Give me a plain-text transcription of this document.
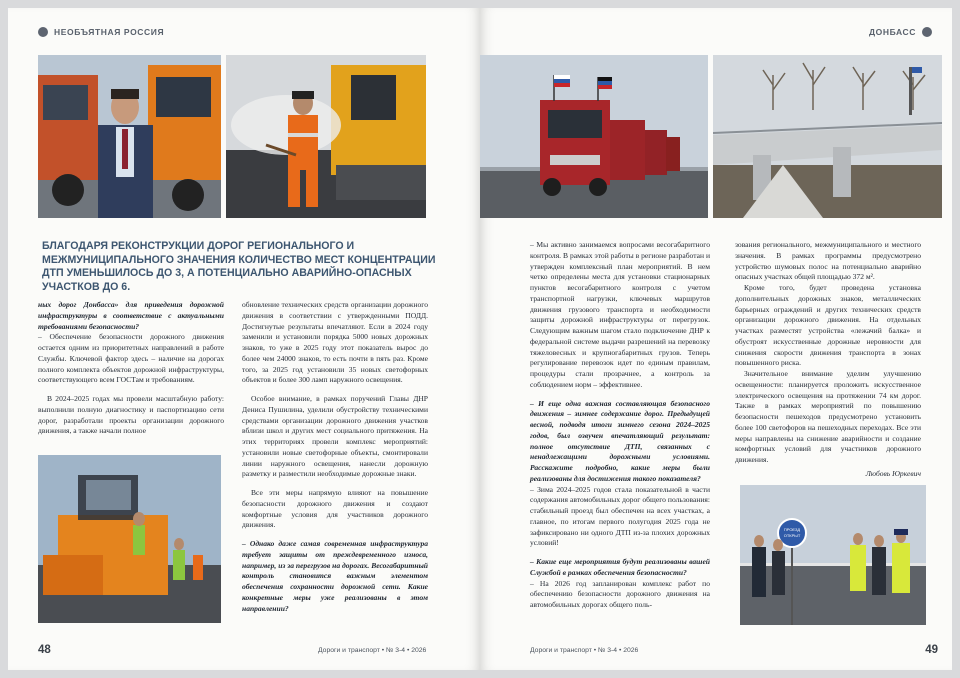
НЕОБЪЯТНАЯ РОССИЯ
БЛАГОДАРЯ РЕКОНСТРУКЦИИ ДОРОГ РЕГИОНАЛЬНОГО И МЕЖМУНИЦИПАЛЬНОГО ЗНАЧЕНИЯ КОЛИЧЕСТВО МЕСТ КОНЦЕНТРАЦИИ ДТП УМЕНЬШИЛОСЬ ДО 3, А ПОТЕНЦИАЛЬНО АВАРИЙНО-ОПАСНЫХ УЧАСТКОВ ДО 6.

ных дорог Донбасса» для приведения дорожной инфраструктуры в соответствие с актуальными требованиями безопасности?

– Обеспечение безопасности дорожного движения остается одним из приоритетных направлений в работе Службы. Ключевой фактор здесь – наличие на дорогах полного комплекта объектов дорожной инфраструктуры, соответствующего всем ГОСТам и требованиям.

В 2024–2025 годах мы провели масштабную работу: выполнили полную диагностику и паспортизацию сети дорог, разработали проекты организации дорожного движения, а также начали полное

обновление технических средств организации дорожного движения в соответствии с утвержденными ПОДД. Достигнутые результаты впечатляют. Если в 2024 году заменили и установили порядка 5000 новых дорожных знаков, то уже в 2025 году этот показатель вырос до более чем 24000 знаков, то есть почти в пять раз. Кроме того, за 2025 год установили 35 новых светофорных объектов и более 300 ламп наружного освещения.

Особое внимание, в рамках поручений Главы ДНР Дениса Пушилина, уделили обустройству техническими средствами организации дорожного движения участков вблизи школ и других мест социального притяжения. На этих территориях провели комплекс мероприятий: установили новые светофорные объекты, смонтировали линии наружного освещения, нанесли дорожную разметку и разместили необходимые дорожные знаки.

Все эти меры напрямую влияют на повышение безопасности дорожного движения и создают комфортные условия для участников дорожного движения.

– Однако даже самая современная инфраструктура требует защиты от преждевременного износа, например, из за перегрузов на дорогах. Весогабаритный контроль становится важным элементом обеспечения сохранности дорожной сети. Какие конкретные меры уже реализованы в этом направлении?

48	Дороги и транспорт • № 3-4 • 2026
ДОНБАСС

– Мы активно занимаемся вопросами весогабаритного контроля. В рамках этой работы в регионе разработан и утвержден комплексный план мероприятий. В нем четко определены места для установки стационарных пунктов весогабаритного контроля с учетом транспортной нагрузки, ключевых маршрутов движения грузового транспорта и необходимости защиты дорожной инфраструктуры от перегрузок. Следующим важным шагом стало подключение ДНР к федеральной системе выдачи разрешений на перевозку тяжеловесных и крупногабаритных грузов. Теперь регулирование перевозок идет по единым правилам, процедуры стали прозрачнее, а контроль за соблюдением норм – эффективнее.

– И еще одна важная составляющая безопасного движения – зимнее содержание дорог. Предыдущей весной, подводя итоги зимнего сезона 2024–2025 годов, был озвучен впечатляющий результат: полное отсутствие ДТП, связанных с ненадлежащими дорожными условиями. Расскажите подробно, какие меры были реализованы для достижения такого показателя?

– Зима 2024–2025 годов стала показательной в части содержания автомобильных дорог общего пользования: стабильный проезд был обеспечен на всех участках, а главное, по итогам первого полугодия 2025 года не зафиксировано ни одного ДТП из-за плохих дорожных условий!

– Какие еще мероприятия будут реализованы вашей Службой в рамках обеспечения безопасности?

– На 2026 год запланирован комплекс работ по обеспечению безопасности дорожного движения на автомобильных дорогах общего поль-

зования регионального, межмуниципального и местного значения. В рамках программы предусмотрено устройство шумовых полос на потенциально аварийно опасных участках общей площадью 372 м².

Кроме того, будет проведена установка дополнительных дорожных знаков, металлических барьерных ограждений и других технических средств организации дорожного движения. На отдельных участках разместят устройства «лежачий балка» и обустроят искусственные дорожные неровности для снижения скорости движения транспорта в зонах повышенного риска.

Значительное внимание уделим улучшению освещенности: планируется проложить искусственное электрического освещения на протяжении 74 км дорог. Также в рамках мероприятий по повышению безопасности пешеходов предусмотрено установить более 100 светофоров на пешеходных переходах. Все эти меры направлены на снижение аварийности и создание комфортных условий для участников дорожного движения.

Любовь Юркевич

ПРОЕЗД
ОТКРЫТ
Дороги и транспорт • № 3-4 • 2026	49
